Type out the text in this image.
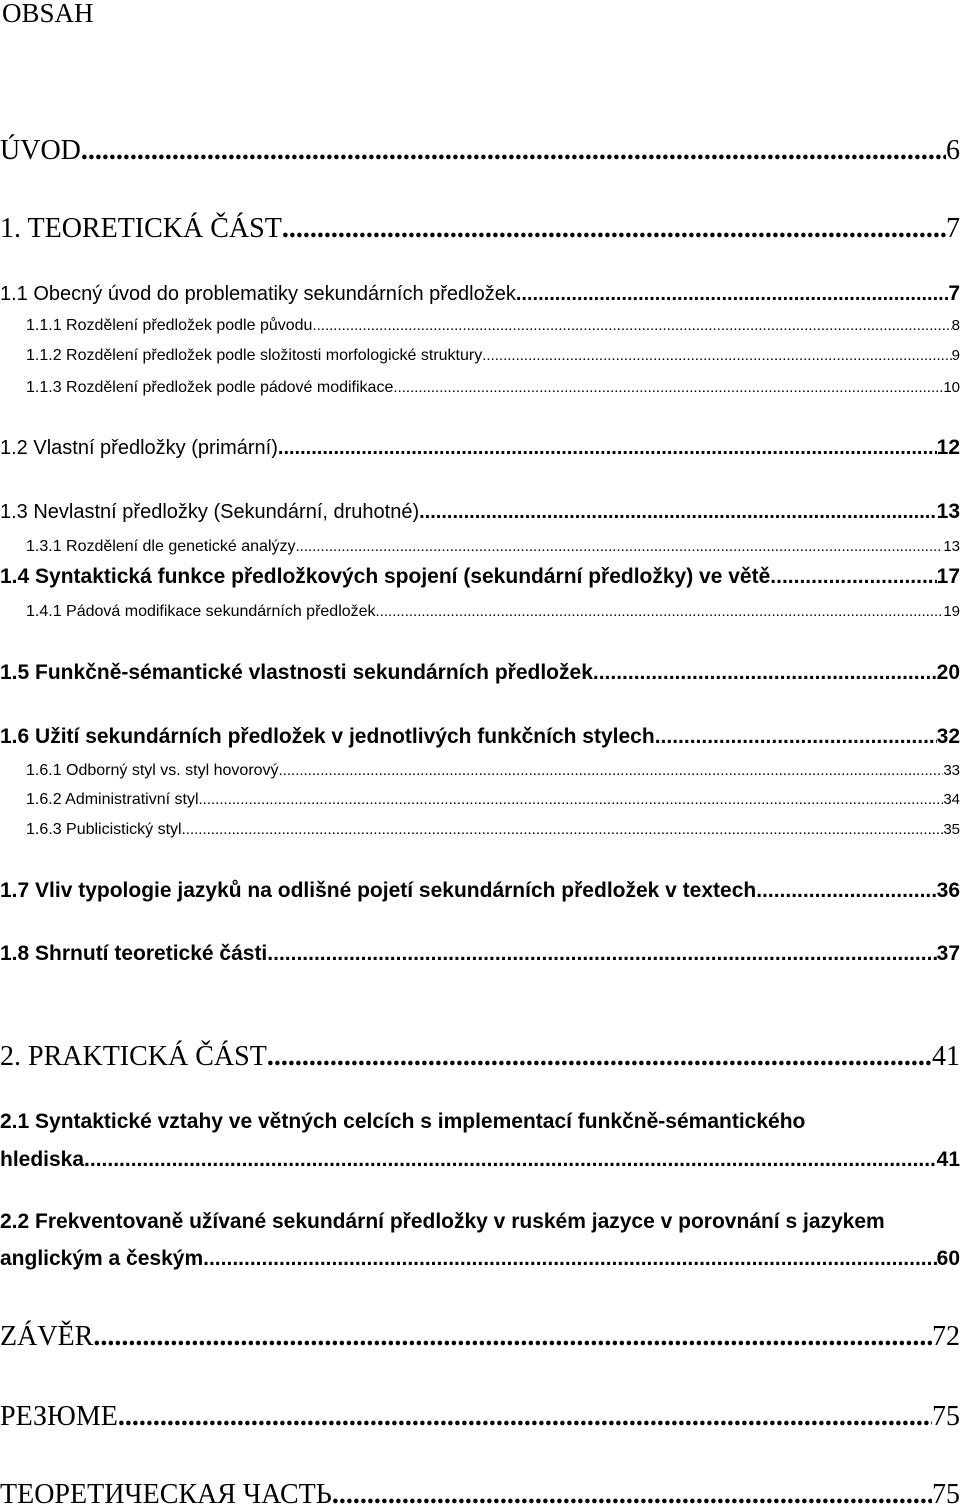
OBSAH
ÚVOD .....	6
1. TEORETICKÁ ČÁST .....	7
1.1 Obecný úvod do problematiky sekundárních předložek .....	7
1.1.1 Rozdělení předložek podle původu .....	8
1.1.2 Rozdělení předložek podle složitosti morfologické struktury .....	9
1.1.3 Rozdělení předložek podle pádové modifikace .....	10
1.2 Vlastní předložky (primární) .....	12
1.3 Nevlastní předložky (Sekundární, druhotné) .....	13
1.3.1 Rozdělení dle genetické analýzy .....	13
1.4 Syntaktická funkce předložkových spojení (sekundární předložky) ve větě .....	17
1.4.1 Pádová modifikace sekundárních předložek .....	19
1.5 Funkčně-sémantické vlastnosti sekundárních předložek .....	20
1.6 Užití sekundárních předložek v jednotlivých funkčních stylech .....	32
1.6.1 Odborný styl vs. styl hovorový .....	33
1.6.2 Administrativní styl .....	34
1.6.3 Publicistický styl .....	35
1.7 Vliv typologie jazyků na odlišné pojetí sekundárních předložek v textech .....	36
1.8 Shrnutí teoretické části .....	37
2. PRAKTICKÁ ČÁST .....	41
2.1 Syntaktické vztahy ve větných celcích s implementací funkčně-sémantického
hlediska .....	41
2.2 Frekventovaně užívané sekundární předložky v ruském jazyce v porovnání s jazykem
anglickým a českým .....	60
ZÁVĚR .....	72
РЕЗЮМЕ .....	75
ТЕОРЕТИЧЕСКАЯ ЧАСТЬ .....	75
